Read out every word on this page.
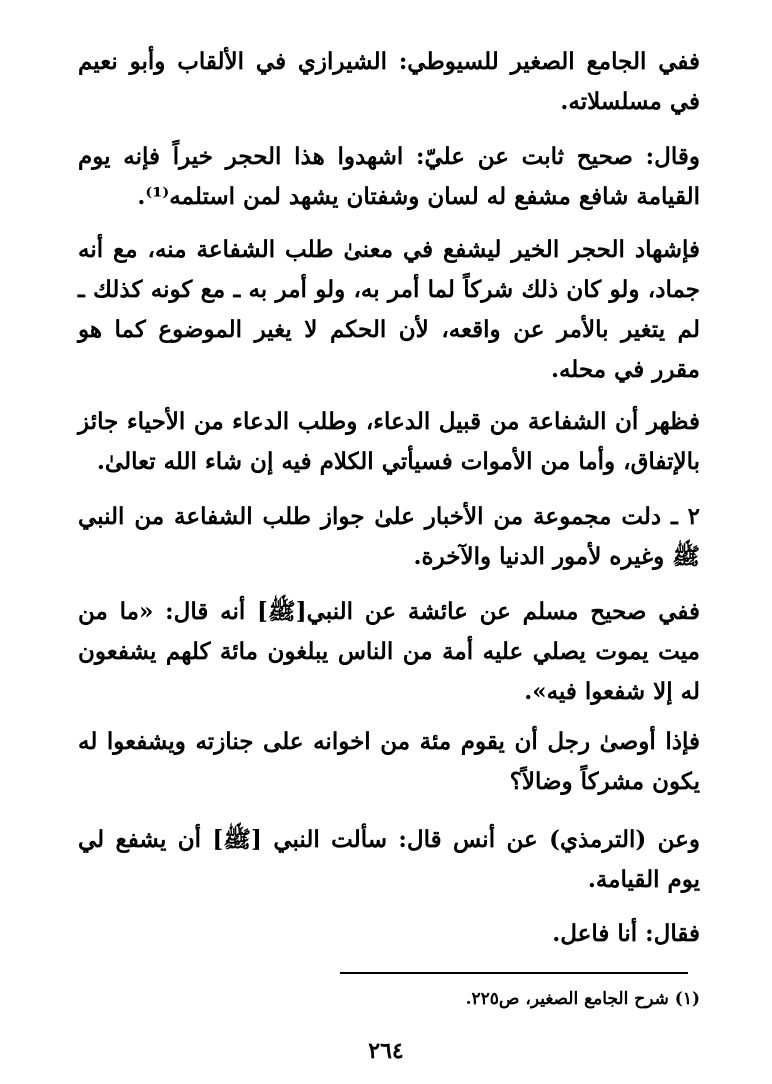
ففي الجامع الصغير للسيوطي: الشيرازي في الألقاب وأبو نعيم في مسلسلاته.

وقال: صحيح ثابت عن عليّ: اشهدوا هذا الحجر خيراً فإنه يوم القيامة شافع مشفع له لسان وشفتان يشهد لمن استلمه⁽¹⁾.

فإشهاد الحجر الخير ليشفع في معنىٰ طلب الشفاعة منه، مع أنه جماد، ولو كان ذلك شركاً لما أمر به، ولو أمر به ـ مع كونه كذلك ـ لم يتغير بالأمر عن واقعه، لأن الحكم لا يغير الموضوع كما هو مقرر في محله.

فظهر أن الشفاعة من قبيل الدعاء، وطلب الدعاء من الأحياء جائز بالإتفاق، وأما من الأموات فسيأتي الكلام فيه إن شاء الله تعالىٰ.

٢ ـ دلت مجموعة من الأخبار علىٰ جواز طلب الشفاعة من النبي ﷺ وغيره لأمور الدنيا والآخرة.

ففي صحيح مسلم عن عائشة عن النبي[ﷺ] أنه قال: «ما من ميت يموت يصلي عليه أمة من الناس يبلغون مائة كلهم يشفعون له إلا شفعوا فيه».

فإذا أوصىٰ رجل أن يقوم مئة من اخوانه على جنازته ويشفعوا له يكون مشركاً وضالاً؟

وعن (الترمذي) عن أنس قال: سألت النبي [ﷺ] أن يشفع لي يوم القيامة.

فقال: أنا فاعل.

(١) شرح الجامع الصغير، ص٢٢٥.

٢٦٤
